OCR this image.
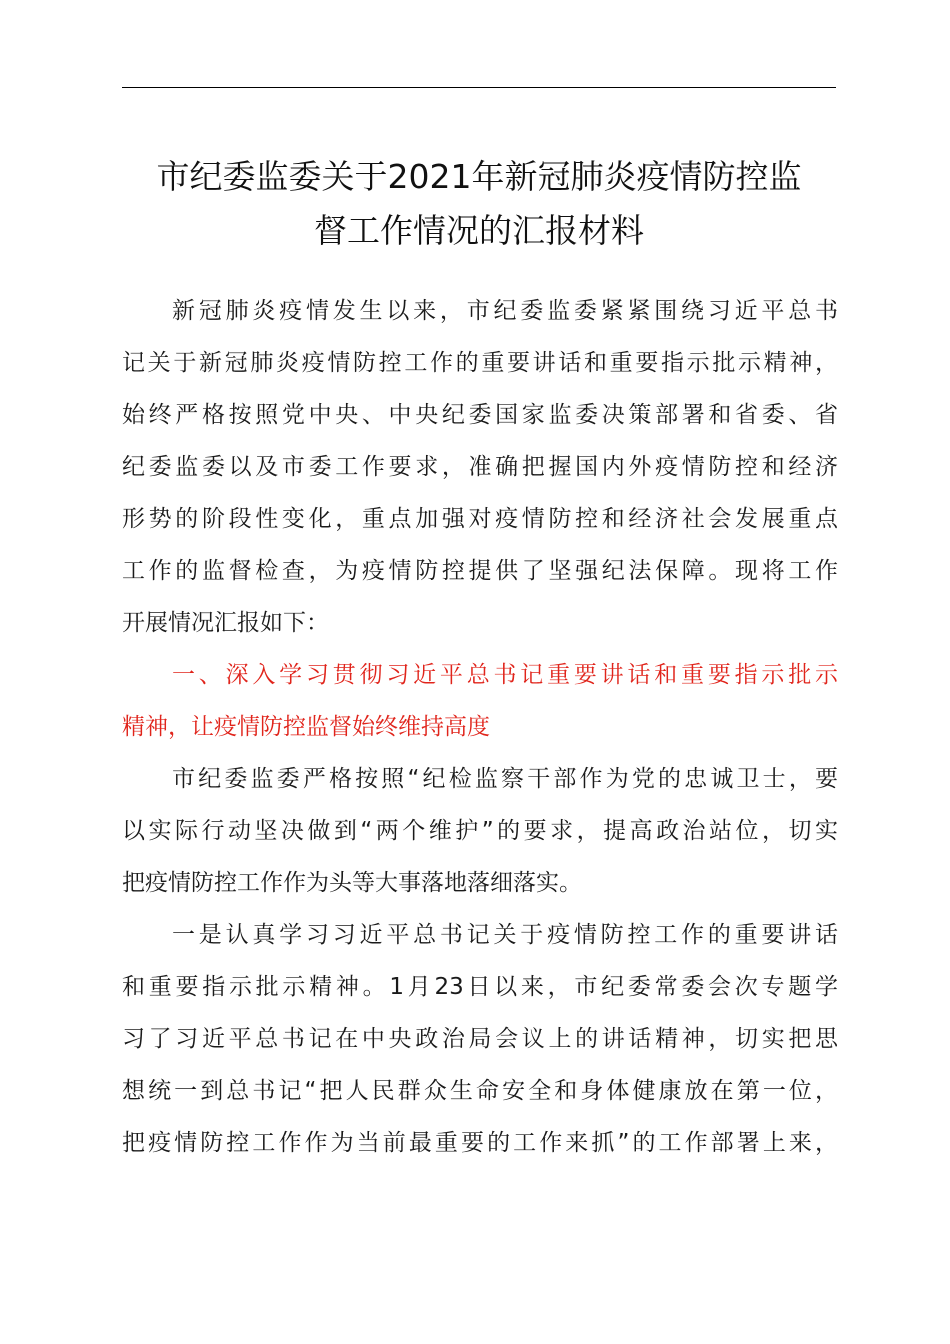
市纪委监委关于2021年新冠肺炎疫情防控监
督工作情况的汇报材料
新冠肺炎疫情发生以来，市纪委监委紧紧围绕习近平总书
记关于新冠肺炎疫情防控工作的重要讲话和重要指示批示精神，
始终严格按照党中央、中央纪委国家监委决策部署和省委、省
纪委监委以及市委工作要求，准确把握国内外疫情防控和经济
形势的阶段性变化，重点加强对疫情防控和经济社会发展重点
工作的监督检查，为疫情防控提供了坚强纪法保障。现将工作
开展情况汇报如下：
一、深入学习贯彻习近平总书记重要讲话和重要指示批示
精神，让疫情防控监督始终维持高度
市纪委监委严格按照“纪检监察干部作为党的忠诚卫士，要
以实际行动坚决做到“两个维护”的要求，提高政治站位，切实
把疫情防控工作作为头等大事落地落细落实。
一是认真学习习近平总书记关于疫情防控工作的重要讲话
和重要指示批示精神。1月23日以来，市纪委常委会次专题学
习了习近平总书记在中央政治局会议上的讲话精神，切实把思
想统一到总书记“把人民群众生命安全和身体健康放在第一位，
把疫情防控工作作为当前最重要的工作来抓”的工作部署上来，
